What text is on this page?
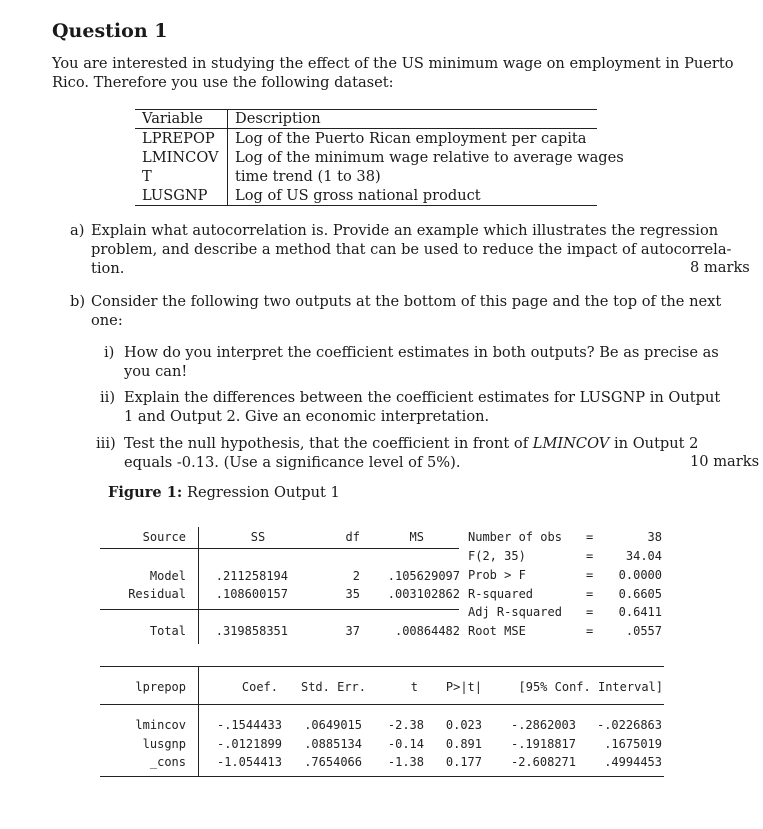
Question 1
You are interested in studying the effect of the US minimum wage on employment in Puerto
Rico. Therefore you use the following dataset:
Variable Description
LPREPOP Log of the Puerto Rican employment per capita
LMINCOV Log of the minimum wage relative to average wages
T	time trend (1 to 38)
LUSGNP Log of US gross national product
a) Explain what autocorrelation is. Provide an example which illustrates the regression
problem, and describe a method that can be used to reduce the impact of autocorrela-
tion.	8 marks
b) Consider the following two outputs at the bottom of this page and the top of the next
one:
i) How do you interpret the coefficient estimates in both outputs? Be as precise as
you can!
ii) Explain the differences between the coefficient estimates for LUSGNP in Output
1 and Output 2. Give an economic interpretation.
iii) Test the null hypothesis, that the coefficient in front of LMINCOV in Output 2
equals -0.13. (Use a significance level of 5%).	10 marks
Figure 1: Regression Output 1
Source	SS	df	MS
Model	.211258194	2	.105629097
Residual	.108600157	35	.003102862
Total	.319858351	37	.00864482
Number of obs =	38
F(2, 35)	=	34.04
Prob > F	=	0.0000
R-squared	=	0.6605
Adj R-squared =	0.6411
Root MSE	=	.0557
lprepop	Coef.	Std. Err.	t	P>|t|	[95% Conf. Interval]
lmincov	-.1544433	.0649015	-2.38	0.023	-.2862003	-.0226863
lusgnp	-.0121899	.0885134	-0.14	0.891	-.1918817	.1675019
_cons	-1.054413	.7654066	-1.38	0.177	-2.608271	.4994453
